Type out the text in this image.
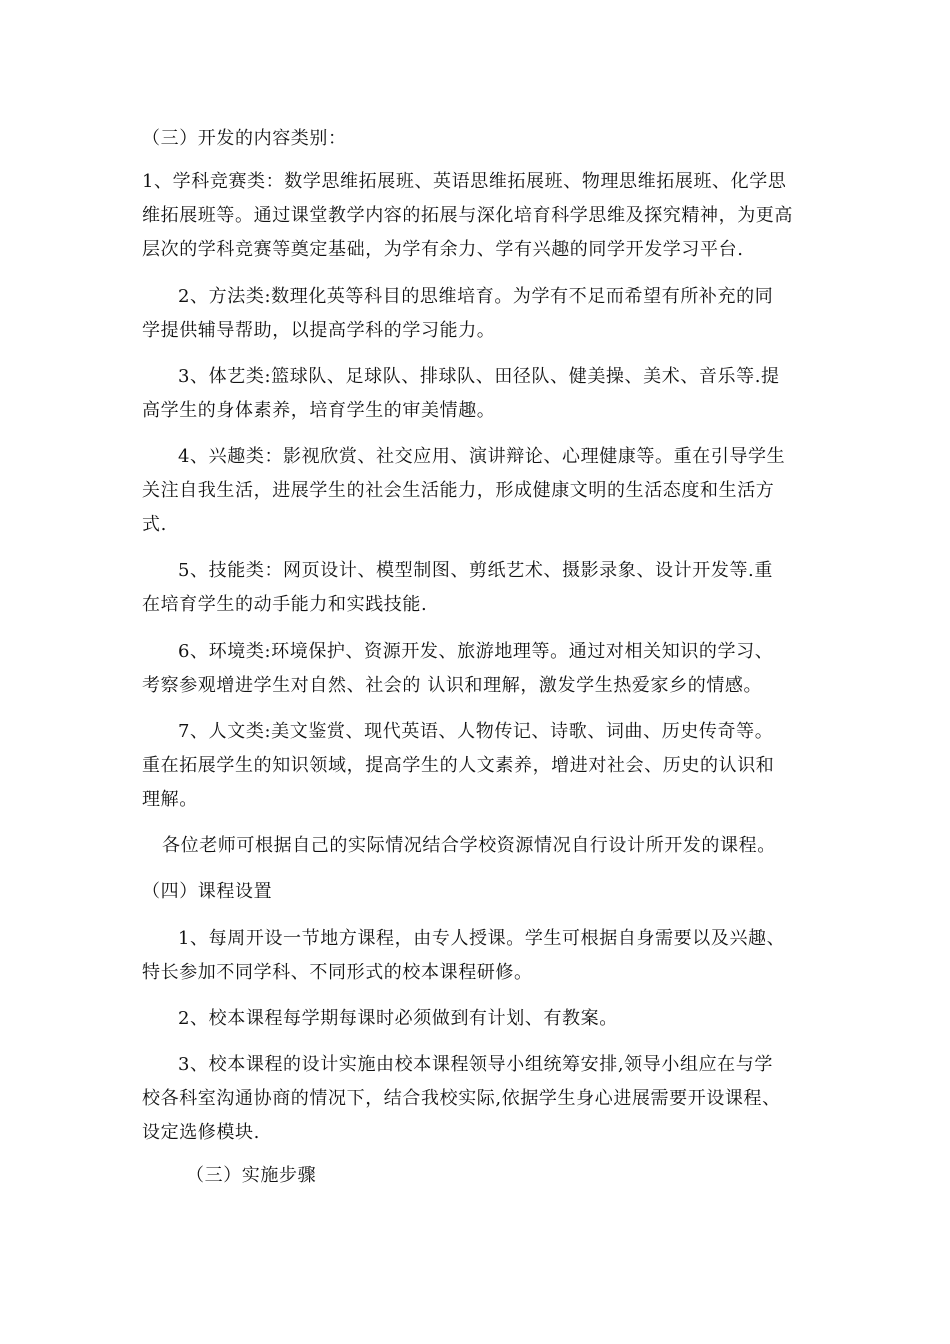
（三）开发的内容类别：
1、学科竞赛类：数学思维拓展班、英语思维拓展班、物理思维拓展班、化学思
维拓展班等。通过课堂教学内容的拓展与深化培育科学思维及探究精神，为更高
层次的学科竞赛等奠定基础，为学有余力、学有兴趣的同学开发学习平台.
2、方法类:数理化英等科目的思维培育。为学有不足而希望有所补充的同
学提供辅导帮助，以提高学科的学习能力。
3、体艺类:篮球队、足球队、排球队、田径队、健美操、美术、音乐等.提
高学生的身体素养，培育学生的审美情趣。
4、兴趣类：影视欣赏、社交应用、演讲辩论、心理健康等。重在引导学生
关注自我生活，进展学生的社会生活能力，形成健康文明的生活态度和生活方
式.
5、技能类：网页设计、模型制图、剪纸艺术、摄影录象、设计开发等.重
在培育学生的动手能力和实践技能.
6、环境类:环境保护、资源开发、旅游地理等。通过对相关知识的学习、
考察参观增进学生对自然、社会的 认识和理解，激发学生热爱家乡的情感。
7、人文类:美文鉴赏、现代英语、人物传记、诗歌、词曲、历史传奇等。
重在拓展学生的知识领域，提高学生的人文素养，增进对社会、历史的认识和
理解。
各位老师可根据自己的实际情况结合学校资源情况自行设计所开发的课程。
（四）课程设置
1、每周开设一节地方课程，由专人授课。学生可根据自身需要以及兴趣、
特长参加不同学科、不同形式的校本课程研修。
2、校本课程每学期每课时必须做到有计划、有教案。
3、校本课程的设计实施由校本课程领导小组统筹安排,领导小组应在与学
校各科室沟通协商的情况下，结合我校实际,依据学生身心进展需要开设课程、
设定选修模块.
（三）实施步骤
